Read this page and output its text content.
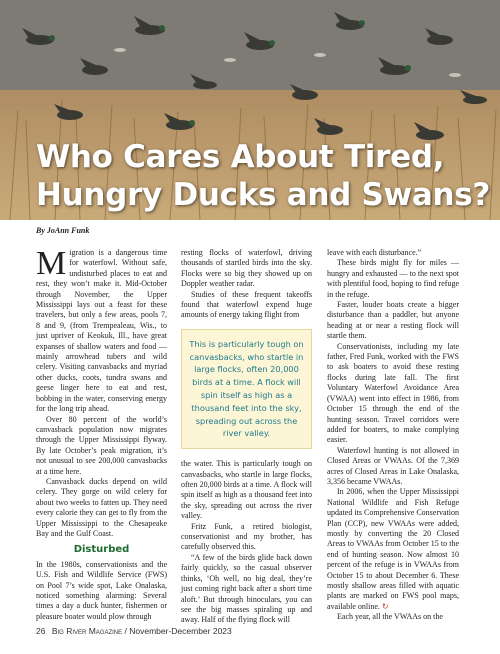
Who Cares About Tired, Hungry Ducks and Swans?
By JoAnn Funk

Migration is a dangerous time for waterfowl. Without safe, undisturbed places to eat and rest, they won’t make it. Mid-October through November, the Upper Mississippi lays out a feast for these travelers, but only a few areas, pools 7, 8 and 9, (from Trempealeau, Wis., to just upriver of Keokuk, Ill., have great expanses of shallow waters and food — mainly arrowhead tubers and wild celery. Visiting canvasbacks and myriad other ducks, coots, tundra swans and geese linger here to eat and rest, bobbing in the water, conserving energy for the long trip ahead.

Over 80 percent of the world’s canvasback population now migrates through the Upper Mississippi flyway. By late October’s peak migration, it’s not unusual to see 200,000 canvasbacks at a time here.

Canvasback ducks depend on wild celery. They gorge on wild celery for about two weeks to fatten up. They need every calorie they can get to fly from the Upper Mississippi to the Chesapeake Bay and the Gulf Coast.

Disturbed

In the 1980s, conservationists and the U.S. Fish and Wildlife Service (FWS) on Pool 7’s wide spot, Lake Onalaska, noticed something alarming: Several times a day a duck hunter, fishermen or pleasure boater would plow through

resting flocks of waterfowl, driving thousands of startled birds into the sky. Flocks were so big they showed up on Doppler weather radar.

Studies of these frequent takeoffs found that waterfowl expend huge amounts of energy taking flight from

This is particularly tough on canvasbacks, who startle in large flocks, often 20,000 birds at a time. A flock will spin itself as high as a thousand feet into the sky, spreading out across the river valley.

the water. This is particularly tough on canvasbacks, who startle in large flocks, often 20,000 birds at a time. A flock will spin itself as high as a thousand feet into the sky, spreading out across the river valley.

Fritz Funk, a retired biologist, conservationist and my brother, has carefully observed this.

“A few of the birds glide back down fairly quickly, so the casual observer thinks, ‘Oh well, no big deal, they’re just coming right back after a short time aloft.’ But through binoculars, you can see the big masses spiraling up and away. Half of the flying flock will

leave with each disturbance.”

These birds might fly for miles — hungry and exhausted — to the next spot with plentiful food, hoping to find refuge in the refuge.

Faster, louder boats create a bigger disturbance than a paddler, but anyone heading at or near a resting flock will startle them.

Conservationists, including my late father, Fred Funk, worked with the FWS to ask boaters to avoid these resting flocks during late fall. The first Voluntary Waterfowl Avoidance Area (VWAA) went into effect in 1986, from October 15 through the end of the hunting season. Travel corridors were added for boaters, to make complying easier.

Waterfowl hunting is not allowed in Closed Areas or VWAAs. Of the 7,369 acres of Closed Areas in Lake Onalaska, 3,356 became VWAAs.

In 2006, when the Upper Mississippi National Wildlife and Fish Refuge updated its Comprehensive Conservation Plan (CCP), new VWAAs were added, mostly by converting the 20 Closed Areas to VWAAs from October 15 to the end of hunting season. Now almost 10 percent of the refuge is in VWAAs from October 15 to about December 6. These mostly shallow areas filled with aquatic plants are marked on FWS pool maps, available online. ↻

Each year, all the VWAAs on the

26 Big River Magazine / November-December 2023
